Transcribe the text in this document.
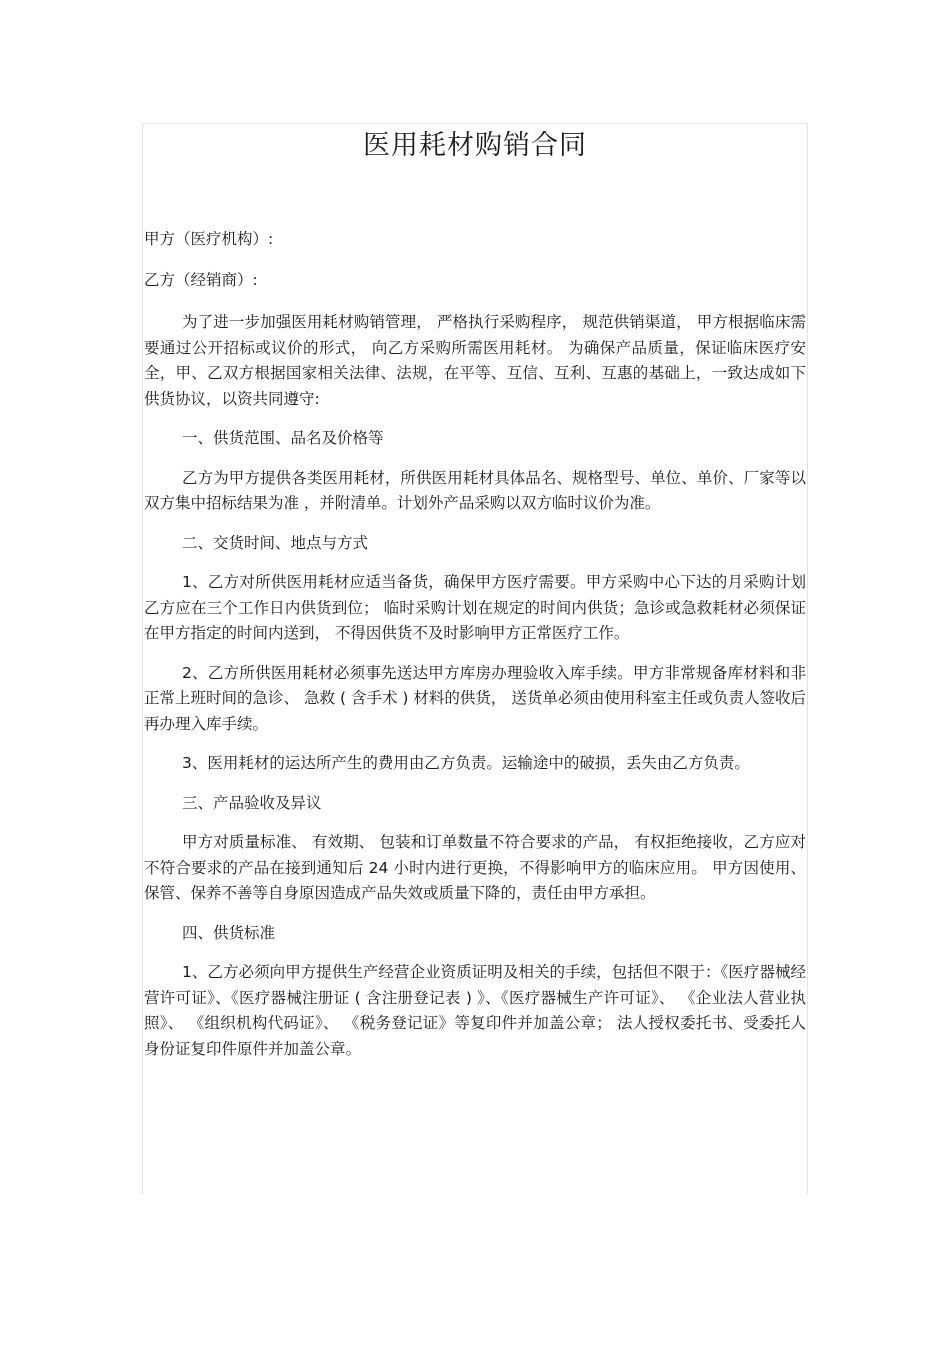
医用耗材购销合同

甲方（医疗机构）:

乙方（经销商）:

为了进一步加强医用耗材购销管理， 严格执行采购程序， 规范供销渠道， 甲方根据临床需要通过公开招标或议价的形式， 向乙方采购所需医用耗材。 为确保产品质量，保证临床医疗安全，甲、乙双方根据国家相关法律、法规，在平等、互信、互利、互惠的基础上，一致达成如下供货协议，以资共同遵守:

一、供货范围、品名及价格等

乙方为甲方提供各类医用耗材，所供医用耗材具体品名、规格型号、单位、单价、厂家等以双方集中招标结果为准 ，并附清单。计划外产品采购以双方临时议价为准。

二、交货时间、地点与方式

1、乙方对所供医用耗材应适当备货，确保甲方医疗需要。甲方采购中心下达的月采购计划乙方应在三个工作日内供货到位； 临时采购计划在规定的时间内供货；急诊或急救耗材必须保证在甲方指定的时间内送到， 不得因供货不及时影响甲方正常医疗工作。

2、乙方所供医用耗材必须事先送达甲方库房办理验收入库手续。甲方非常规备库材料和非正常上班时间的急诊、 急救 ( 含手术 ) 材料的供货， 送货单必须由使用科室主任或负责人签收后再办理入库手续。

3、医用耗材的运达所产生的费用由乙方负责。运输途中的破损，丢失由乙方负责。

三、产品验收及异议

甲方对质量标准、 有效期、 包装和订单数量不符合要求的产品， 有权拒绝接收，乙方应对不符合要求的产品在接到通知后 24 小时内进行更换，不得影响甲方的临床应用。 甲方因使用、 保管、保养不善等自身原因造成产品失效或质量下降的，责任由甲方承担。

四、供货标准

1、乙方必须向甲方提供生产经营企业资质证明及相关的手续，包括但不限于：《医疗器械经营许可证》、《医疗器械注册证 ( 含注册登记表 ) 》、《医疗器械生产许可证》、 《企业法人营业执照》、 《组织机构代码证》、 《税务登记证》等复印件并加盖公章； 法人授权委托书、受委托人身份证复印件原件并加盖公章。
